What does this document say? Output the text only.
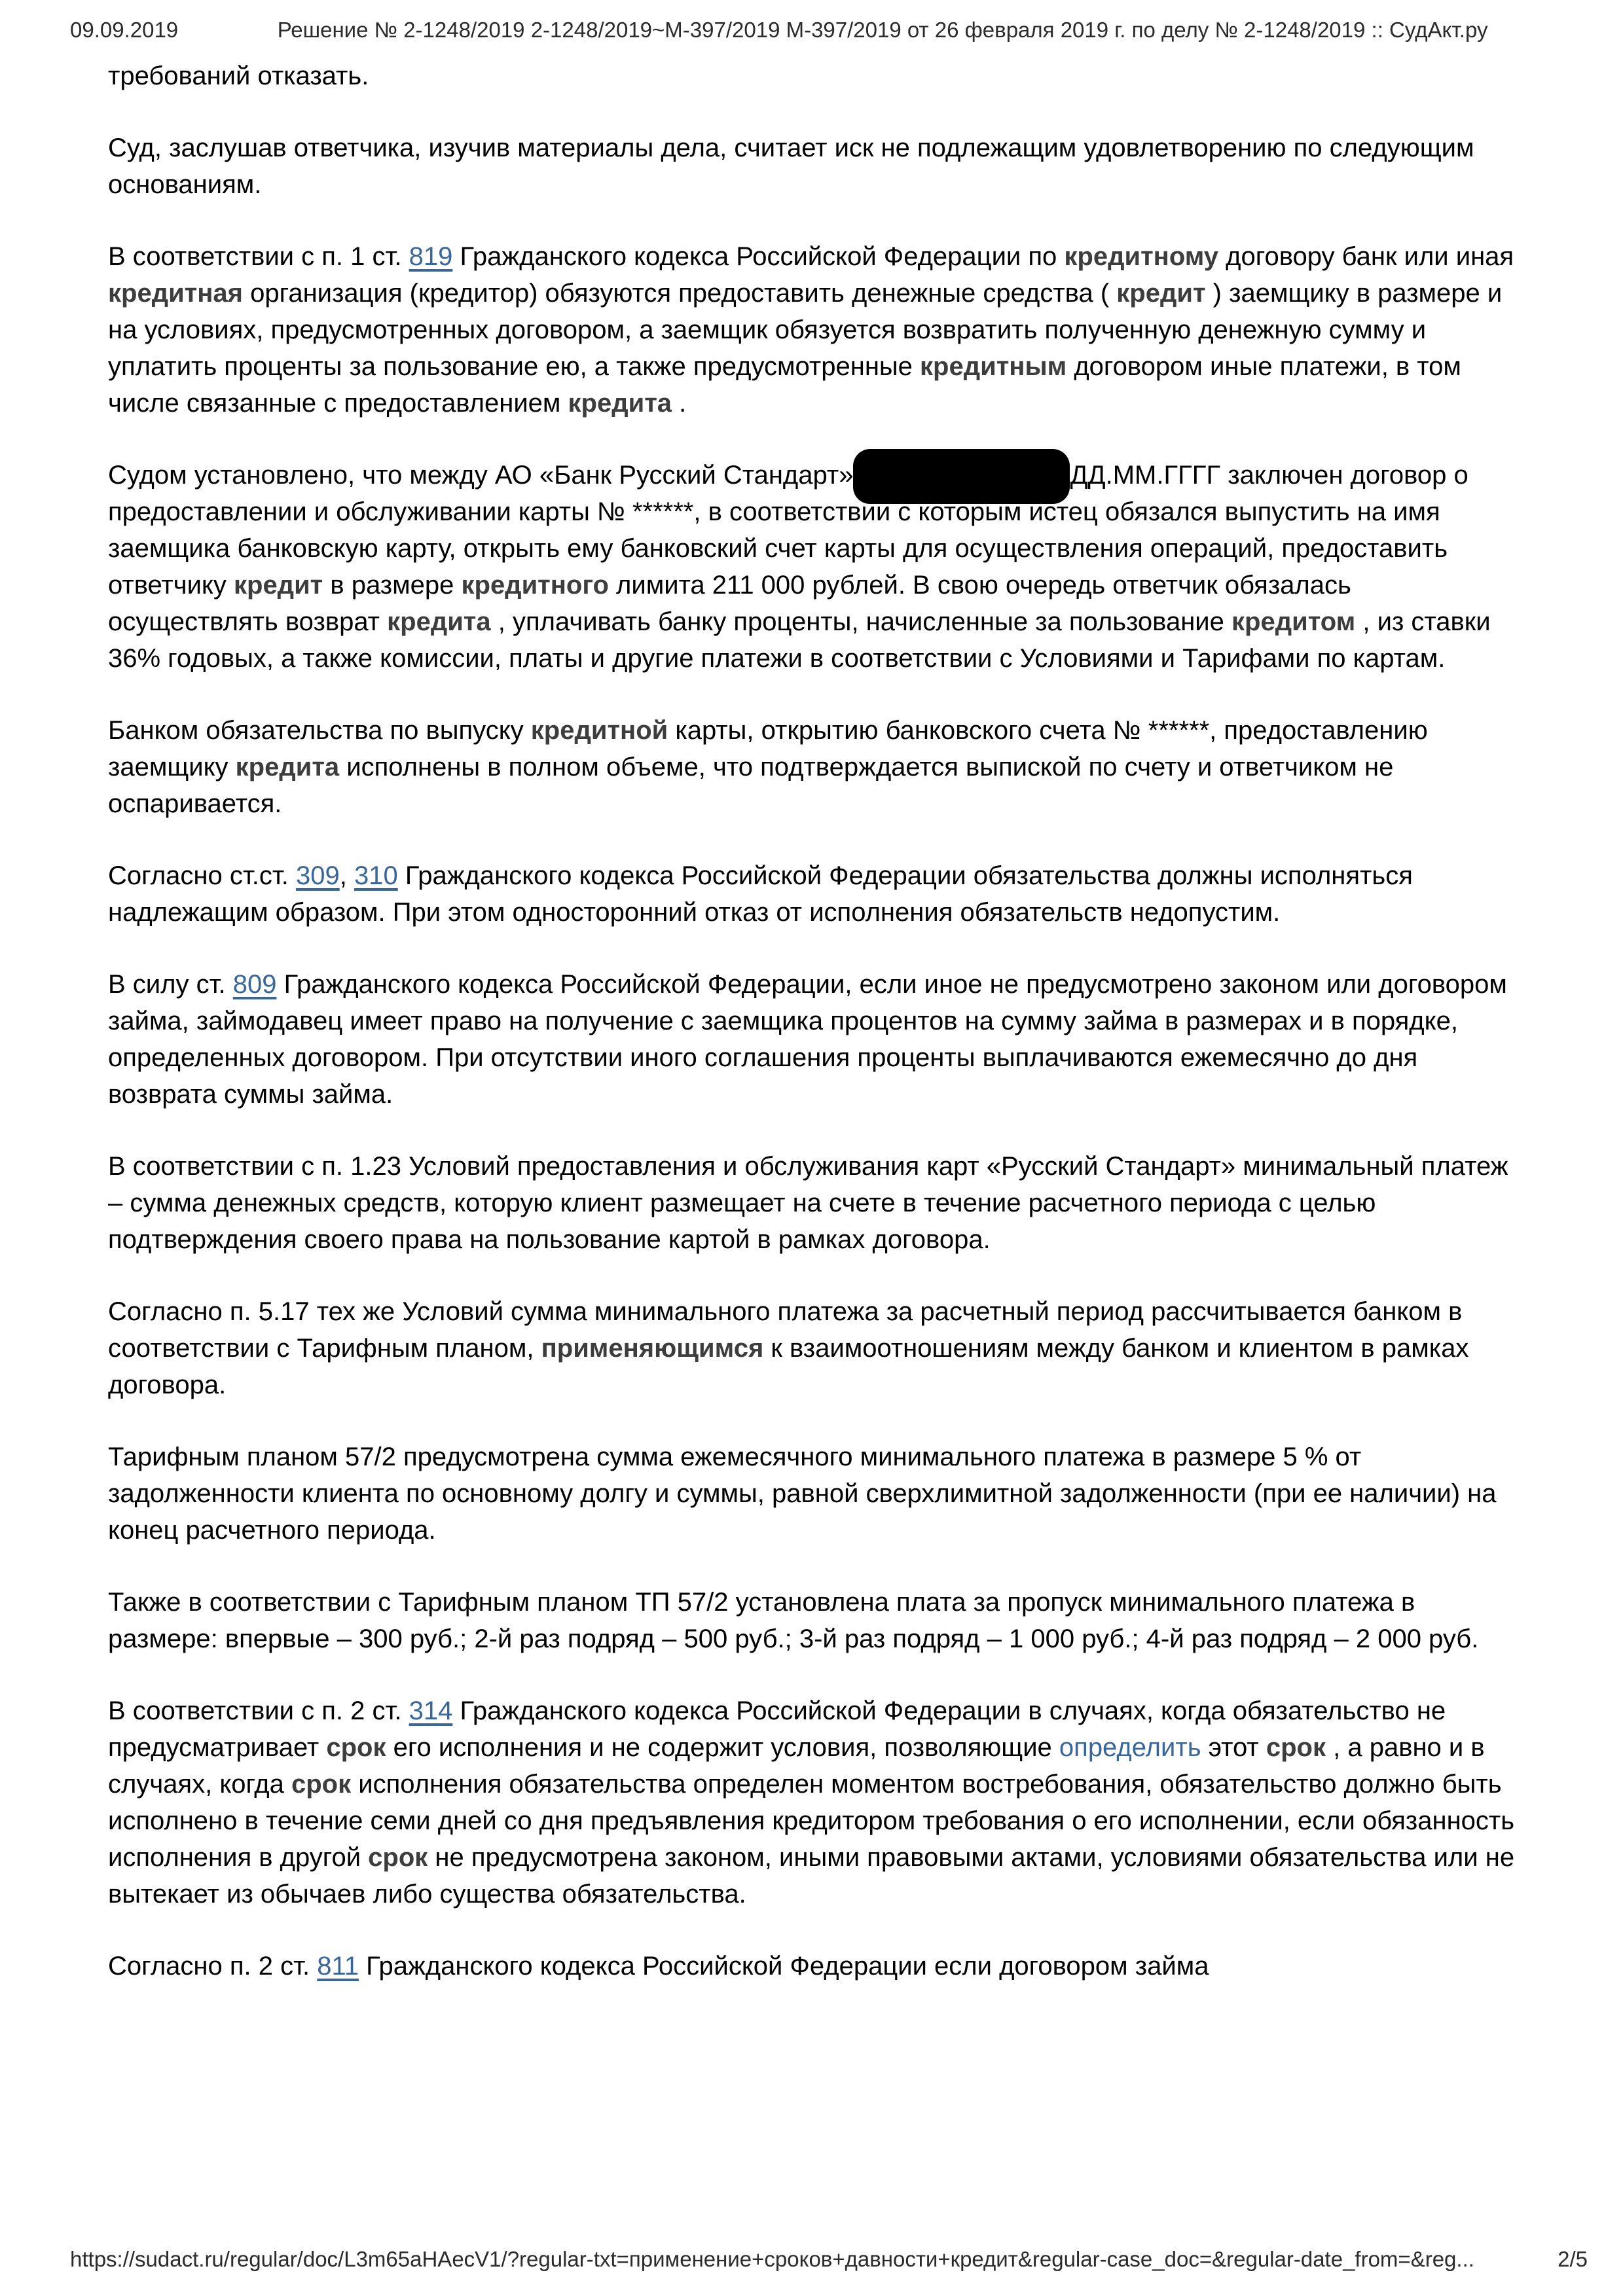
09.09.2019	Решение № 2-1248/2019 2-1248/2019~М-397/2019 М-397/2019 от 26 февраля 2019 г. по делу № 2-1248/2019 :: СудАкт.ру

требований отказать.

Суд, заслушав ответчика, изучив материалы дела, считает иск не подлежащим удовлетворению по следующим основаниям.

В соответствии с п. 1 ст. 819 Гражданского кодекса Российской Федерации по кредитному договору банк или иная кредитная организация (кредитор) обязуются предоставить денежные средства ( кредит ) заемщику в размере и на условиях, предусмотренных договором, а заемщик обязуется возвратить полученную денежную сумму и уплатить проценты за пользование ею, а также предусмотренные кредитным договором иные платежи, в том числе связанные с предоставлением кредита .

Судом установлено, что между АО «Банк Русский Стандарт»	ДД.ММ.ГГГГ заключен договор о предоставлении и обслуживании карты № ******, в соответствии с которым истец обязался выпустить на имя заемщика банковскую карту, открыть ему банковский счет карты для осуществления операций, предоставить ответчику кредит в размере кредитного лимита 211 000 рублей. В свою очередь ответчик обязалась осуществлять возврат кредита , уплачивать банку проценты, начисленные за пользование кредитом , из ставки 36% годовых, а также комиссии, платы и другие платежи в соответствии с Условиями и Тарифами по картам.

Банком обязательства по выпуску кредитной карты, открытию банковского счета № ******, предоставлению заемщику кредита исполнены в полном объеме, что подтверждается выпиской по счету и ответчиком не оспаривается.

Согласно ст.ст. 309, 310 Гражданского кодекса Российской Федерации обязательства должны исполняться надлежащим образом. При этом односторонний отказ от исполнения обязательств недопустим.

В силу ст. 809 Гражданского кодекса Российской Федерации, если иное не предусмотрено законом или договором займа, займодавец имеет право на получение с заемщика процентов на сумму займа в размерах и в порядке, определенных договором. При отсутствии иного соглашения проценты выплачиваются ежемесячно до дня возврата суммы займа.

В соответствии с п. 1.23 Условий предоставления и обслуживания карт «Русский Стандарт» минимальный платеж – сумма денежных средств, которую клиент размещает на счете в течение расчетного периода с целью подтверждения своего права на пользование картой в рамках договора.

Согласно п. 5.17 тех же Условий сумма минимального платежа за расчетный период рассчитывается банком в соответствии с Тарифным планом, применяющимся к взаимоотношениям между банком и клиентом в рамках договора.

Тарифным планом 57/2 предусмотрена сумма ежемесячного минимального платежа в размере 5 % от задолженности клиента по основному долгу и суммы, равной сверхлимитной задолженности (при ее наличии) на конец расчетного периода.

Также в соответствии с Тарифным планом ТП 57/2 установлена плата за пропуск минимального платежа в размере: впервые – 300 руб.; 2-й раз подряд – 500 руб.; 3-й раз подряд – 1 000 руб.; 4-й раз подряд – 2 000 руб.

В соответствии с п. 2 ст. 314 Гражданского кодекса Российской Федерации в случаях, когда обязательство не предусматривает срок его исполнения и не содержит условия, позволяющие определить этот срок , а равно и в случаях, когда срок исполнения обязательства определен моментом востребования, обязательство должно быть исполнено в течение семи дней со дня предъявления кредитором требования о его исполнении, если обязанность исполнения в другой срок не предусмотрена законом, иными правовыми актами, условиями обязательства или не вытекает из обычаев либо существа обязательства.

Согласно п. 2 ст. 811 Гражданского кодекса Российской Федерации если договором займа

https://sudact.ru/regular/doc/L3m65aHAecV1/?regular-txt=применение+сроков+давности+кредит&regular-case_doc=&regular-date_from=&reg...	2/5
